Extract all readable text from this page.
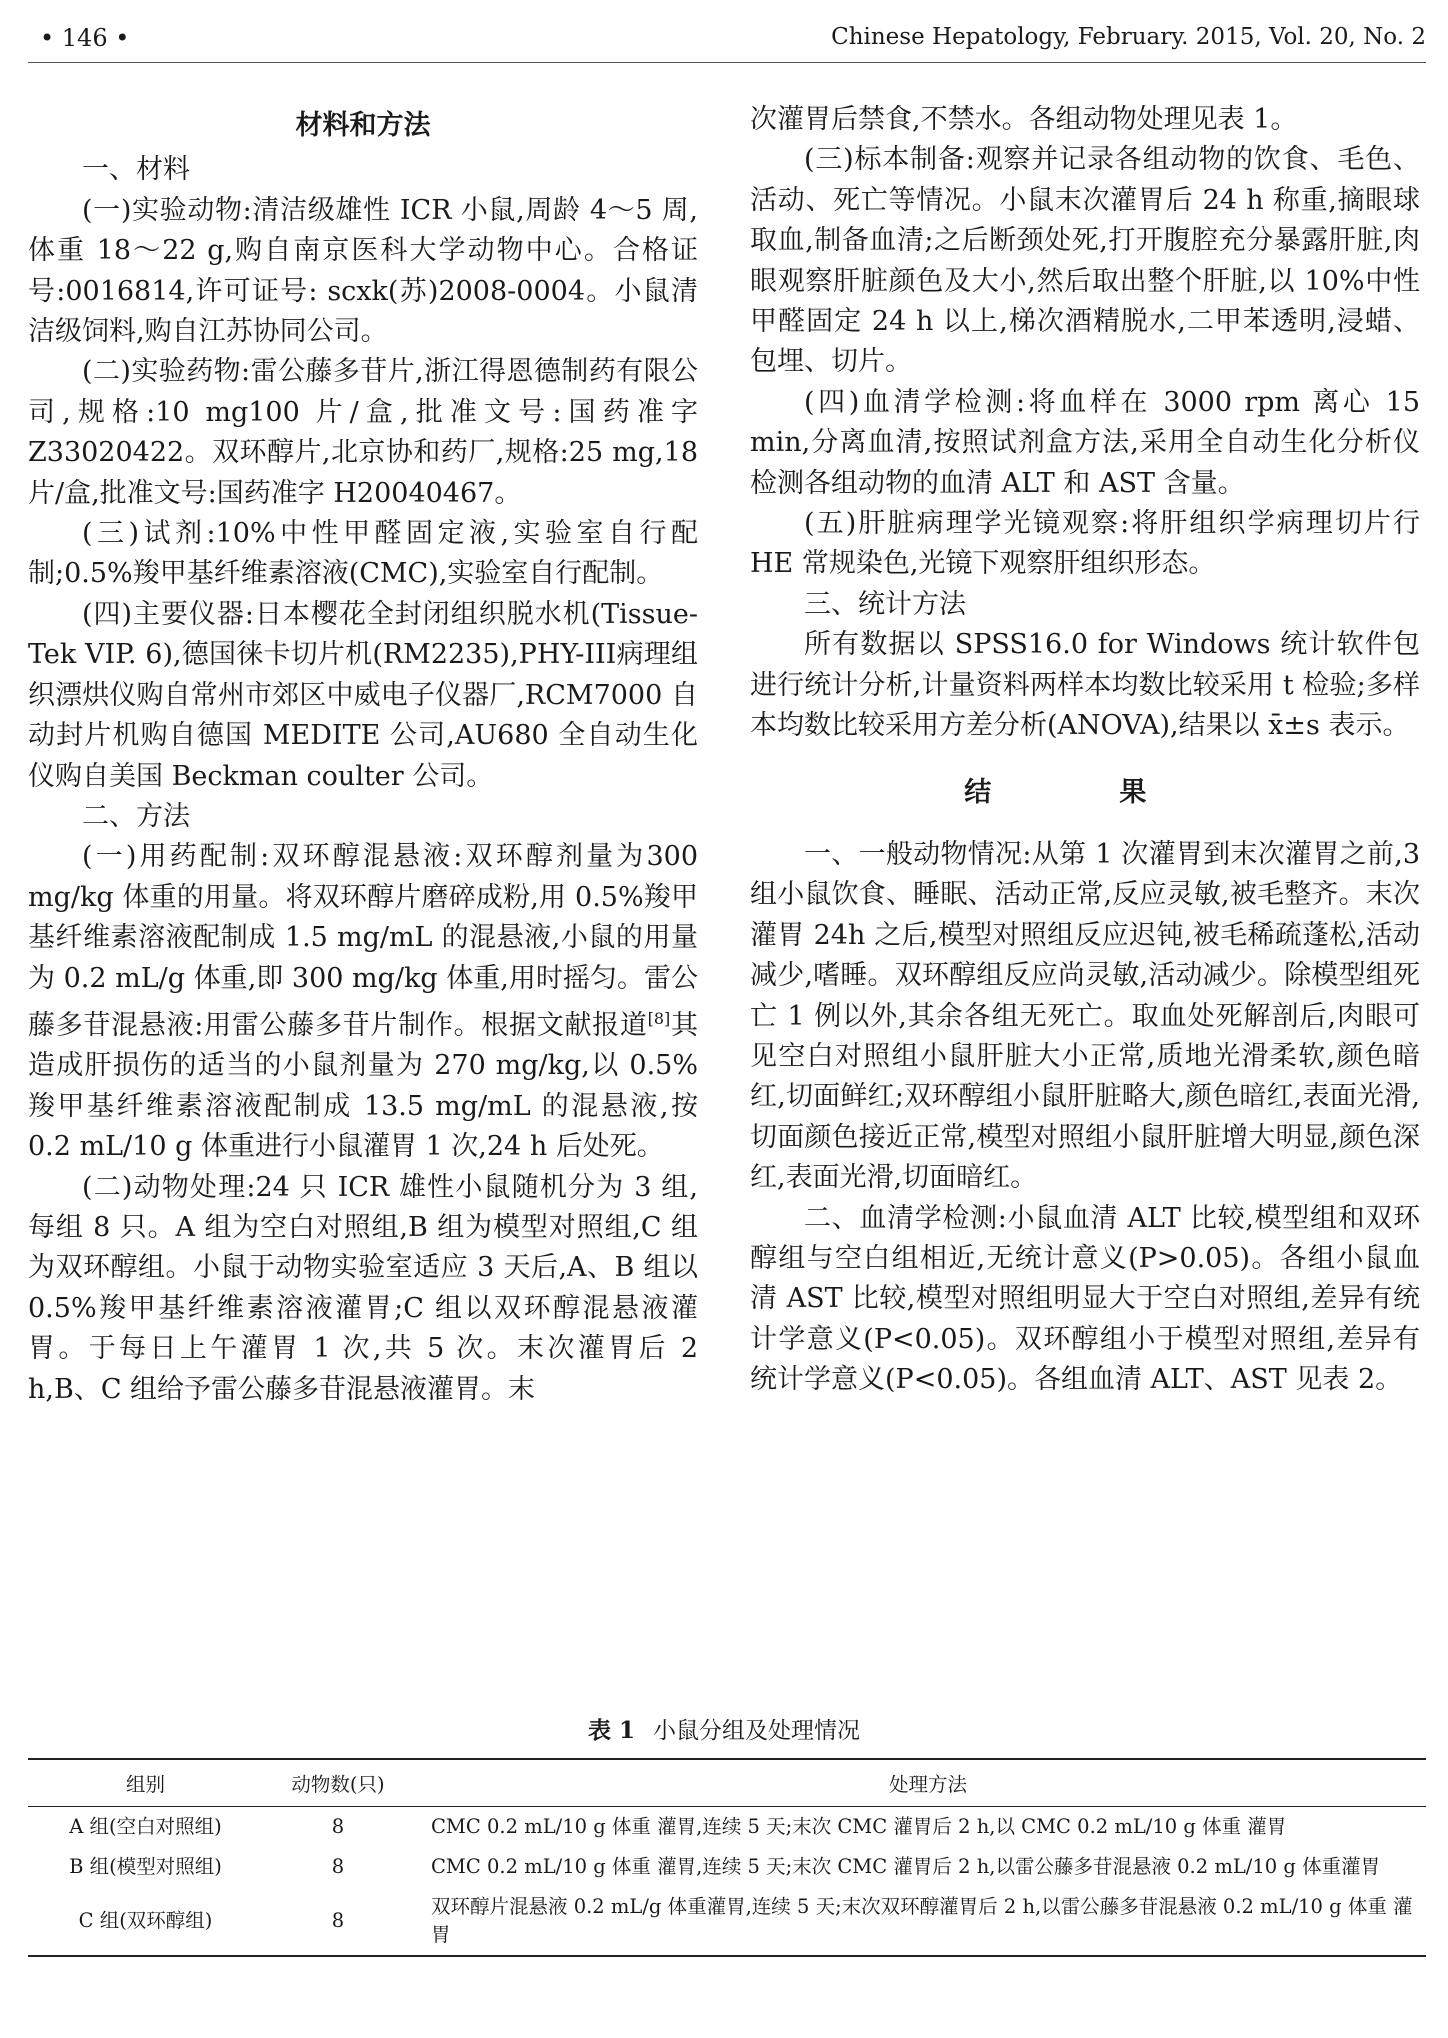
• 146 •	Chinese Hepatology, February. 2015, Vol. 20, No. 2
材料和方法

一、材料

(一)实验动物:清洁级雄性 ICR 小鼠,周龄 4～5 周,体重 18～22 g,购自南京医科大学动物中心。合格证号:0016814,许可证号: scxk(苏)2008-0004。小鼠清洁级饲料,购自江苏协同公司。

(二)实验药物:雷公藤多苷片,浙江得恩德制药有限公司,规格:10 mg100 片/盒,批准文号:国药准字Z33020422。双环醇片,北京协和药厂,规格:25 mg,18 片/盒,批准文号:国药准字 H20040467。

(三)试剂:10%中性甲醛固定液,实验室自行配制;0.5%羧甲基纤维素溶液(CMC),实验室自行配制。

(四)主要仪器:日本樱花全封闭组织脱水机(Tissue-Tek VIP. 6),德国徕卡切片机(RM2235),PHY-III病理组织漂烘仪购自常州市郊区中威电子仪器厂,RCM7000 自动封片机购自德国 MEDITE 公司,AU680 全自动生化仪购自美国 Beckman coulter 公司。

二、方法

(一)用药配制:双环醇混悬液:双环醇剂量为300 mg/kg 体重的用量。将双环醇片磨碎成粉,用 0.5%羧甲基纤维素溶液配制成 1.5 mg/mL 的混悬液,小鼠的用量为 0.2 mL/g 体重,即 300 mg/kg 体重,用时摇匀。雷公藤多苷混悬液:用雷公藤多苷片制作。根据文献报道[8]其造成肝损伤的适当的小鼠剂量为 270 mg/kg,以 0.5%羧甲基纤维素溶液配制成 13.5 mg/mL 的混悬液,按 0.2 mL/10 g 体重进行小鼠灌胃 1 次,24 h 后处死。

(二)动物处理:24 只 ICR 雄性小鼠随机分为 3 组,每组 8 只。A 组为空白对照组,B 组为模型对照组,C 组为双环醇组。小鼠于动物实验室适应 3 天后,A、B 组以 0.5%羧甲基纤维素溶液灌胃;C 组以双环醇混悬液灌胃。于每日上午灌胃 1 次,共 5 次。末次灌胃后 2 h,B、C 组给予雷公藤多苷混悬液灌胃。末

次灌胃后禁食,不禁水。各组动物处理见表 1。

(三)标本制备:观察并记录各组动物的饮食、毛色、活动、死亡等情况。小鼠末次灌胃后 24 h 称重,摘眼球取血,制备血清;之后断颈处死,打开腹腔充分暴露肝脏,肉眼观察肝脏颜色及大小,然后取出整个肝脏,以 10%中性甲醛固定 24 h 以上,梯次酒精脱水,二甲苯透明,浸蜡、包埋、切片。

(四)血清学检测:将血样在 3000 rpm 离心 15 min,分离血清,按照试剂盒方法,采用全自动生化分析仪检测各组动物的血清 ALT 和 AST 含量。

(五)肝脏病理学光镜观察:将肝组织学病理切片行 HE 常规染色,光镜下观察肝组织形态。

三、统计方法

所有数据以 SPSS16.0 for Windows 统计软件包进行统计分析,计量资料两样本均数比较采用 t 检验;多样本均数比较采用方差分析(ANOVA),结果以 x̄±s 表示。

结 果

一、一般动物情况:从第 1 次灌胃到末次灌胃之前,3 组小鼠饮食、睡眠、活动正常,反应灵敏,被毛整齐。末次灌胃 24h 之后,模型对照组反应迟钝,被毛稀疏蓬松,活动减少,嗜睡。双环醇组反应尚灵敏,活动减少。除模型组死亡 1 例以外,其余各组无死亡。取血处死解剖后,肉眼可见空白对照组小鼠肝脏大小正常,质地光滑柔软,颜色暗红,切面鲜红;双环醇组小鼠肝脏略大,颜色暗红,表面光滑,切面颜色接近正常,模型对照组小鼠肝脏增大明显,颜色深红,表面光滑,切面暗红。

二、血清学检测:小鼠血清 ALT 比较,模型组和双环醇组与空白组相近,无统计意义(P>0.05)。各组小鼠血清 AST 比较,模型对照组明显大于空白对照组,差异有统计学意义(P<0.05)。双环醇组小于模型对照组,差异有统计学意义(P<0.05)。各组血清 ALT、AST 见表 2。

表 1 小鼠分组及处理情况
组别	动物数(只)	处理方法
A 组(空白对照组)	8	CMC 0.2 mL/10 g 体重 灌胃,连续 5 天;末次 CMC 灌胃后 2 h,以 CMC 0.2 mL/10 g 体重 灌胃
B 组(模型对照组)	8	CMC 0.2 mL/10 g 体重 灌胃,连续 5 天;末次 CMC 灌胃后 2 h,以雷公藤多苷混悬液 0.2 mL/10 g 体重灌胃
C 组(双环醇组)	8	双环醇片混悬液 0.2 mL/g 体重灌胃,连续 5 天;末次双环醇灌胃后 2 h,以雷公藤多苷混悬液 0.2 mL/10 g 体重 灌胃
